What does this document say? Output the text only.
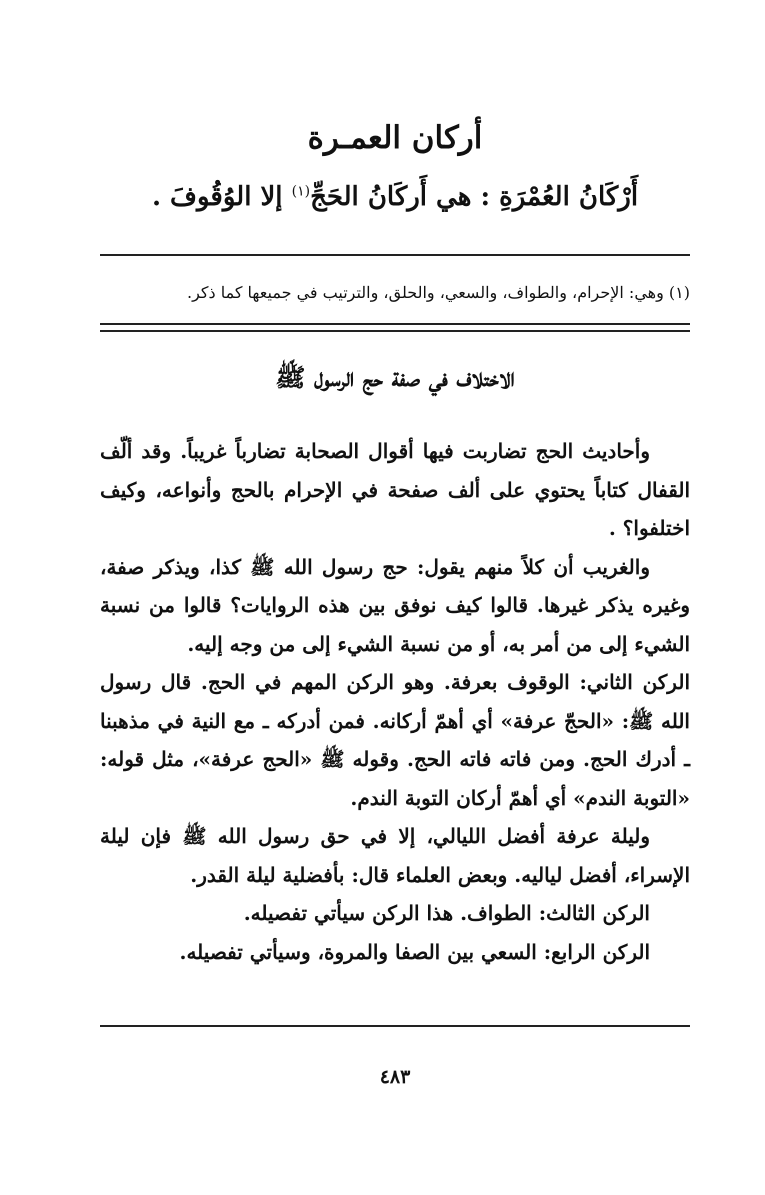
أركان العمـرة
أَرْكَانُ العُمْرَةِ : هي أَركَانُ الحَجِّ$^{(١)}$ إلا الوُقُوفَ .
(١) وهي: الإحرام، والطواف، والسعي، والحلق، والترتيب في جميعها كما ذكر.
الاختلاف في صفة حج الرسول ﷺ

وأحاديث الحج تضاربت فيها أقوال الصحابة تضارباً غريباً. وقد ألّف القفال كتاباً يحتوي على ألف صفحة في الإحرام بالحج وأنواعه، وكيف اختلفوا؟ .

والغريب أن كلاً منهم يقول: حج رسول الله ﷺ كذا، ويذكر صفة، وغيره يذكر غيرها. قالوا كيف نوفق بين هذه الروايات؟ قالوا من نسبة الشيء إلى من أمر به، أو من نسبة الشيء إلى من وجه إليه.

الركن الثاني: الوقوف بعرفة. وهو الركن المهم في الحج. قال رسول الله ﷺ: «الحجّ عرفة» أي أهمّ أركانه. فمن أدركه ـ مع النية في مذهبنا ـ أدرك الحج. ومن فاته فاته الحج. وقوله ﷺ «الحج عرفة»، مثل قوله: «التوبة الندم» أي أهمّ أركان التوبة الندم.

وليلة عرفة أفضل الليالي، إلا في حق رسول الله ﷺ فإن ليلة الإسراء، أفضل لياليه. وبعض العلماء قال: بأفضلية ليلة القدر.

الركن الثالث: الطواف. هذا الركن سيأتي تفصيله.

الركن الرابع: السعي بين الصفا والمروة، وسيأتي تفصيله.

٤٨٣
